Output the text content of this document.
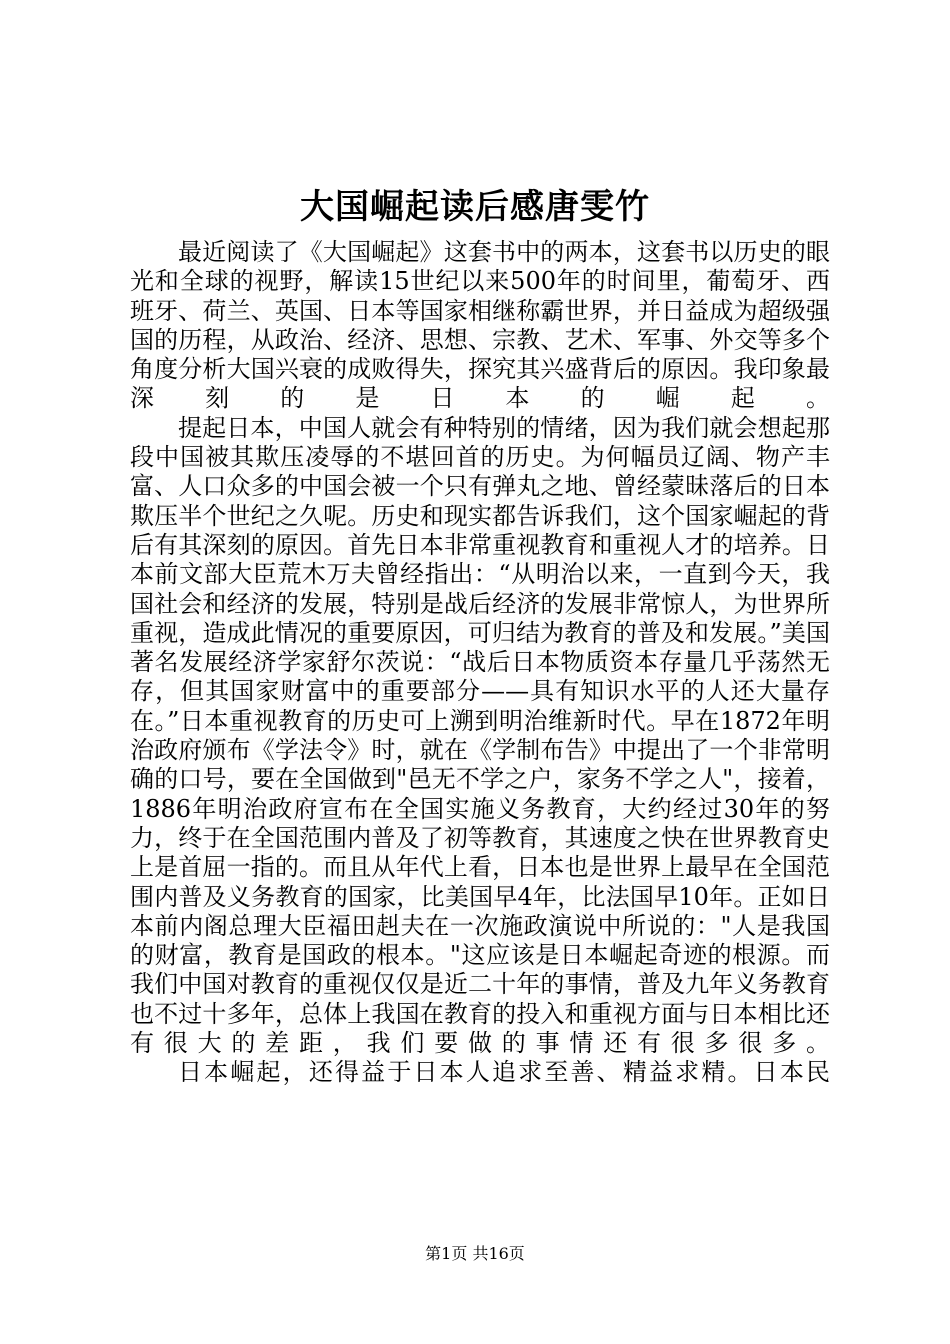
大国崛起读后感唐雯竹

最近阅读了《大国崛起》这套书中的两本，这套书以历史的眼光和全球的视野，解读15世纪以来500年的时间里，葡萄牙、西班牙、荷兰、英国、日本等国家相继称霸世界，并日益成为超级强国的历程，从政治、经济、思想、宗教、艺术、军事、外交等多个角度分析大国兴衰的成败得失，探究其兴盛背后的原因。我印象最深刻的是日本的崛起。

提起日本，中国人就会有种特别的情绪，因为我们就会想起那段中国被其欺压凌辱的不堪回首的历史。为何幅员辽阔、物产丰富、人口众多的中国会被一个只有弹丸之地、曾经蒙昧落后的日本欺压半个世纪之久呢。历史和现实都告诉我们，这个国家崛起的背后有其深刻的原因。首先日本非常重视教育和重视人才的培养。日本前文部大臣荒木万夫曾经指出：“从明治以来，一直到今天，我国社会和经济的发展，特别是战后经济的发展非常惊人，为世界所重视，造成此情况的重要原因，可归结为教育的普及和发展。”美国著名发展经济学家舒尔茨说：“战后日本物质资本存量几乎荡然无存，但其国家财富中的重要部分——具有知识水平的人还大量存在。”日本重视教育的历史可上溯到明治维新时代。早在1872年明治政府颁布《学法令》时，就在《学制布告》中提出了一个非常明确的口号，要在全国做到"邑无不学之户，家务不学之人"，接着，1886年明治政府宣布在全国实施义务教育，大约经过30年的努力，终于在全国范围内普及了初等教育，其速度之快在世界教育史上是首屈一指的。而且从年代上看，日本也是世界上最早在全国范围内普及义务教育的国家，比美国早4年，比法国早10年。正如日本前内阁总理大臣福田赳夫在一次施政演说中所说的："人是我国的财富，教育是国政的根本。"这应该是日本崛起奇迹的根源。而我们中国对教育的重视仅仅是近二十年的事情，普及九年义务教育也不过十多年，总体上我国在教育的投入和重视方面与日本相比还有很大的差距，我们要做的事情还有很多很多。

日本崛起，还得益于日本人追求至善、精益求精。日本民

第1页 共16页
